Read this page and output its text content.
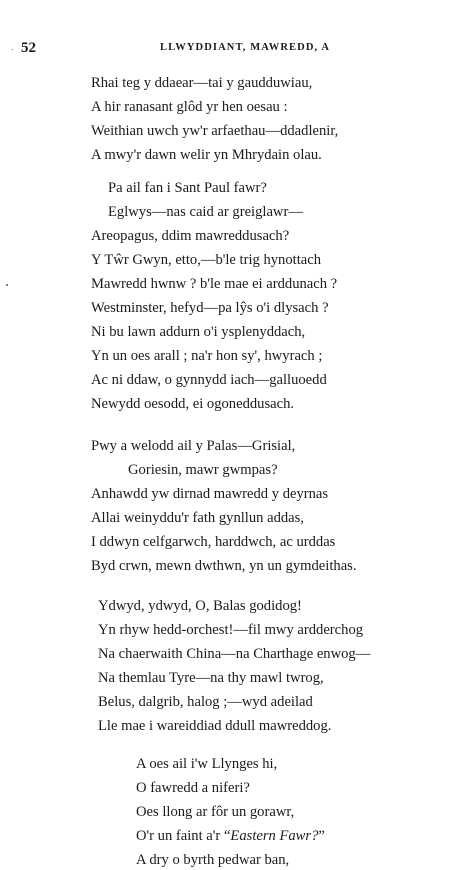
52	LLWYDDIANT, MAWREDD, A
Rhai teg y ddaear—tai y gaudduwiau,
A hir ranasant glôd yr hen oesau :
Weithian uwch yw'r arfaethau—ddadlenir,
A mwy'r dawn welir yn Mhrydain olau.
Pa ail fan i Sant Paul fawr?
Eglwys—nas caid ar greiglawr—
Areopagus, ddim mawreddusach?
Y Tŵr Gwyn, etto,—b'le trig hynottach
Mawredd hwnw ? b'le mae ei arddunach ?
Westminster, hefyd—pa lŷs o'i dlysach ?
Ni bu lawn addurn o'i ysplenyddach,
Yn un oes arall ; na'r hon sy', hwyrach ;
Ac ni ddaw, o gynnydd iach—galluoedd
Newydd oesodd, ei ogoneddusach.
Pwy a welodd ail y Palas—Grisial,
Goriesin, mawr gwmpas?
Anhawdd yw dirnad mawredd y deyrnas
Allai weinyddu'r fath gynllun addas,
I ddwyn celfgarwch, harddwch, ac urddas
Byd crwn, mewn dwthwn, yn un gymdeithas.
Ydwyd, ydwyd, O, Balas godidog!
Yn rhyw hedd-orchest!—fil mwy ardderchog
Na chaerwaith China—na Charthage enwog—
Na themlau Tyre—na thy mawl twrog,
Belus, dalgrib, halog ;—wyd adeilad
Lle mae i wareiddiad ddull mawreddog.
A oes ail i'w Llynges hi,
O fawredd a niferi?
Oes llong ar fôr un gorawr,
O'r un faint a'r “Eastern Fawr?”
A dry o byrth pedwar ban,
